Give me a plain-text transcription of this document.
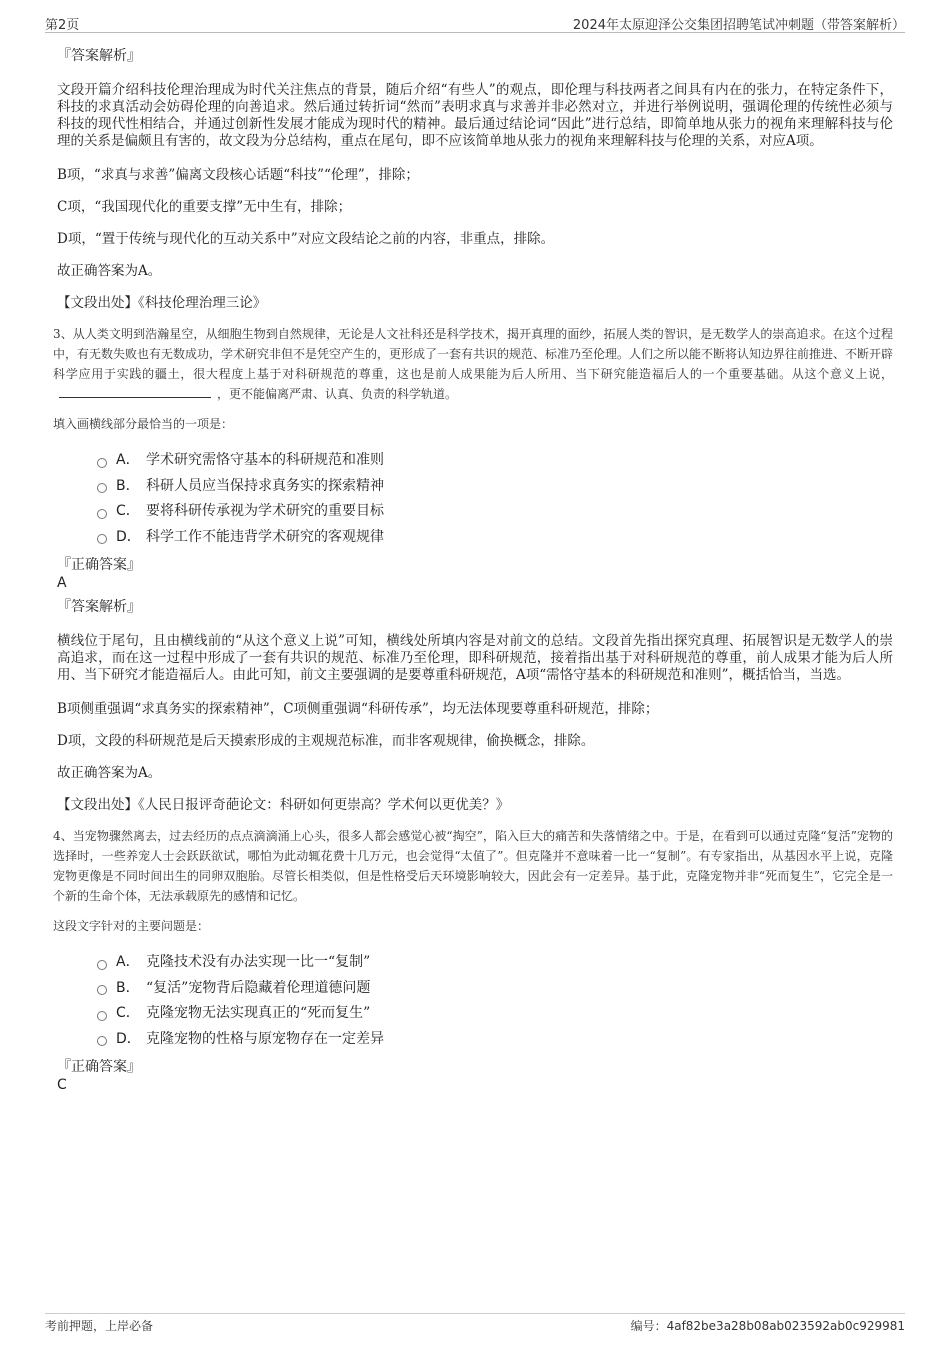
第2页	2024年太原迎泽公交集团招聘笔试冲刺题（带答案解析）

『答案解析』

文段开篇介绍科技伦理治理成为时代关注焦点的背景，随后介绍“有些人”的观点，即伦理与科技两者之间具有内在的张力，在特定条件下，科技的求真活动会妨碍伦理的向善追求。然后通过转折词“然而”表明求真与求善并非必然对立，并进行举例说明，强调伦理的传统性必须与科技的现代性相结合，并通过创新性发展才能成为现时代的精神。最后通过结论词“因此”进行总结，即简单地从张力的视角来理解科技与伦理的关系是偏颇且有害的，故文段为分总结构，重点在尾句，即不应该简单地从张力的视角来理解科技与伦理的关系，对应A项。

B项，“求真与求善”偏离文段核心话题“科技”“伦理”，排除；

C项，“我国现代化的重要支撑”无中生有，排除；

D项，“置于传统与现代化的互动关系中”对应文段结论之前的内容，非重点，排除。

故正确答案为A。

【文段出处】《科技伦理治理三论》

3、从人类文明到浩瀚星空，从细胞生物到自然规律，无论是人文社科还是科学技术，揭开真理的面纱，拓展人类的智识，是无数学人的崇高追求。在这个过程中，有无数失败也有无数成功，学术研究非但不是凭空产生的，更形成了一套有共识的规范、标准乃至伦理。人们之所以能不断将认知边界往前推进、不断开辟科学应用于实践的疆土，很大程度上基于对科研规范的尊重，这也是前人成果能为后人所用、当下研究能造福后人的一个重要基础。从这个意义上说，，更不能偏离严肃、认真、负责的科学轨道。

填入画横线部分最恰当的一项是：

A． 学术研究需恪守基本的科研规范和准则
B． 科研人员应当保持求真务实的探索精神
C． 要将科研传承视为学术研究的重要目标
D． 科学工作不能违背学术研究的客观规律

『正确答案』

A

『答案解析』

横线位于尾句，且由横线前的“从这个意义上说”可知，横线处所填内容是对前文的总结。文段首先指出探究真理、拓展智识是无数学人的崇高追求，而在这一过程中形成了一套有共识的规范、标准乃至伦理，即科研规范，接着指出基于对科研规范的尊重，前人成果才能为后人所用、当下研究才能造福后人。由此可知，前文主要强调的是要尊重科研规范，A项“需恪守基本的科研规范和准则”，概括恰当，当选。

B项侧重强调“求真务实的探索精神”，C项侧重强调“科研传承”，均无法体现要尊重科研规范，排除；

D项，文段的科研规范是后天摸索形成的主观规范标准，而非客观规律，偷换概念，排除。

故正确答案为A。

【文段出处】《人民日报评奇葩论文：科研如何更崇高？学术何以更优美？》

4、当宠物骤然离去，过去经历的点点滴滴涌上心头，很多人都会感觉心被“掏空”，陷入巨大的痛苦和失落情绪之中。于是，在看到可以通过克隆“复活”宠物的选择时，一些养宠人士会跃跃欲试，哪怕为此动辄花费十几万元，也会觉得“太值了”。但克隆并不意味着一比一“复制”。有专家指出，从基因水平上说，克隆宠物更像是不同时间出生的同卵双胞胎。尽管长相类似，但是性格受后天环境影响较大，因此会有一定差异。基于此，克隆宠物并非“死而复生”，它完全是一个新的生命个体，无法承载原先的感情和记忆。

这段文字针对的主要问题是：

A． 克隆技术没有办法实现一比一“复制”
B． “复活”宠物背后隐藏着伦理道德问题
C． 克隆宠物无法实现真正的“死而复生”
D． 克隆宠物的性格与原宠物存在一定差异

『正确答案』

C

考前押题，上岸必备	编号：4af82be3a28b08ab023592ab0c929981
